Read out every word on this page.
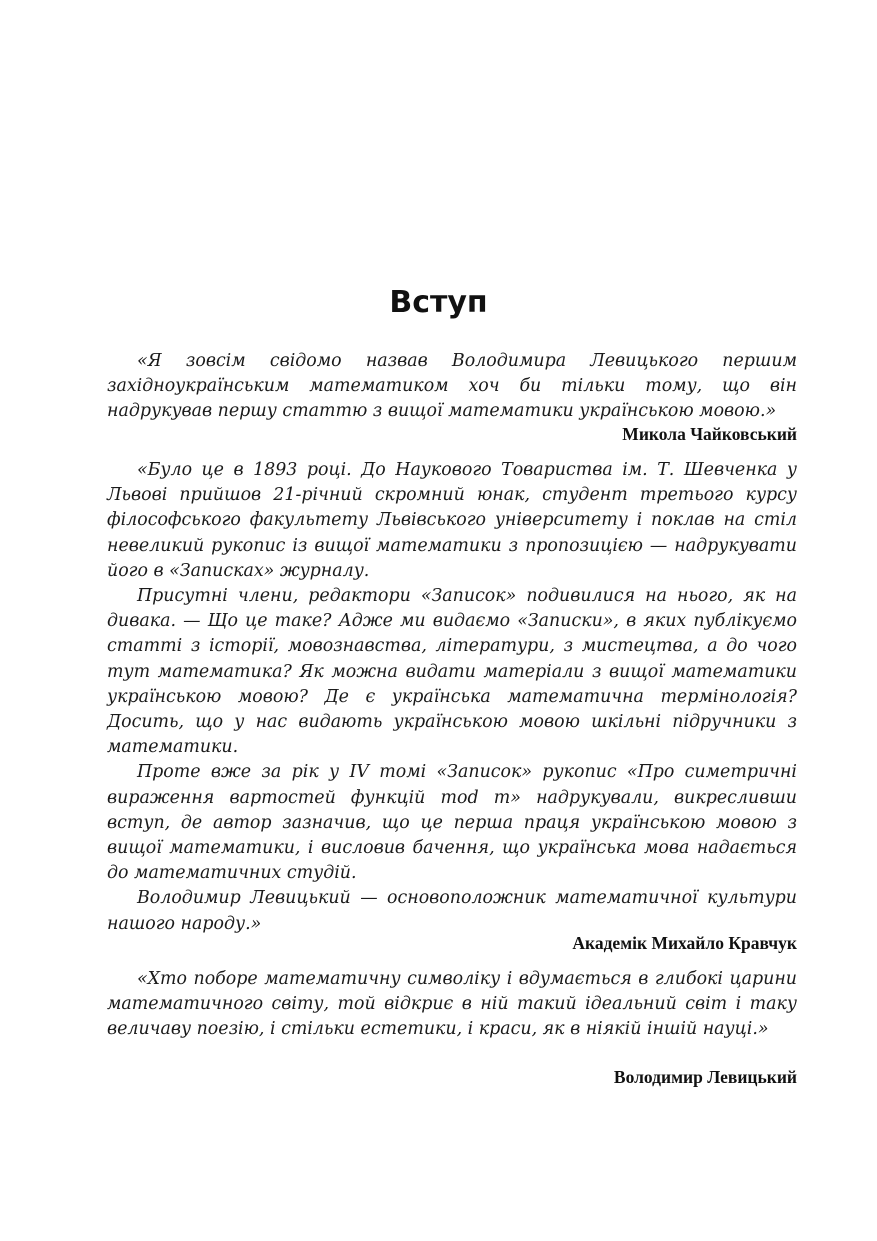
Вступ

«Я зовсім свідомо назвав Володимира Левицького першим західноукраїнським математиком хоч би тільки тому, що він надрукував першу статтю з вищої математики українською мовою.»

Микола Чайковський

«Було це в 1893 році. До Наукового Товариства ім. Т. Шевченка у Львові прийшов 21-річний скромний юнак, студент третього курсу філософського факультету Львівського університету і поклав на стіл невеликий рукопис із вищої математики з пропозицією — надрукувати його в «Записках» журналу.

Присутні члени, редактори «Записок» подивилися на нього, як на дивака. — Що це таке? Адже ми видаємо «Записки», в яких публікуємо статті з історії, мовознавства, літератури, з мистецтва, а до чого тут математика? Як можна видати матеріали з вищої математики українською мовою? Де є українська математична термінологія? Досить, що у нас видають українською мовою шкільні підручники з математики.

Проте вже за рік у IV томі «Записок» рукопис «Про симетричні вираження вартостей функцій mod m» надрукували, викресливши вступ, де автор зазначив, що це перша праця українською мовою з вищої математики, і висловив бачення, що українська мова надається до математичних студій.

Володимир Левицький — основоположник математичної культури нашого народу.»

Академік Михайло Кравчук

«Хто поборе математичну символіку і вдумається в глибокі царини математичного світу, той відкриє в ній такий ідеальний світ і таку величаву поезію, і стільки естетики, і краси, як в ніякій іншій науці.»

Володимир Левицький
